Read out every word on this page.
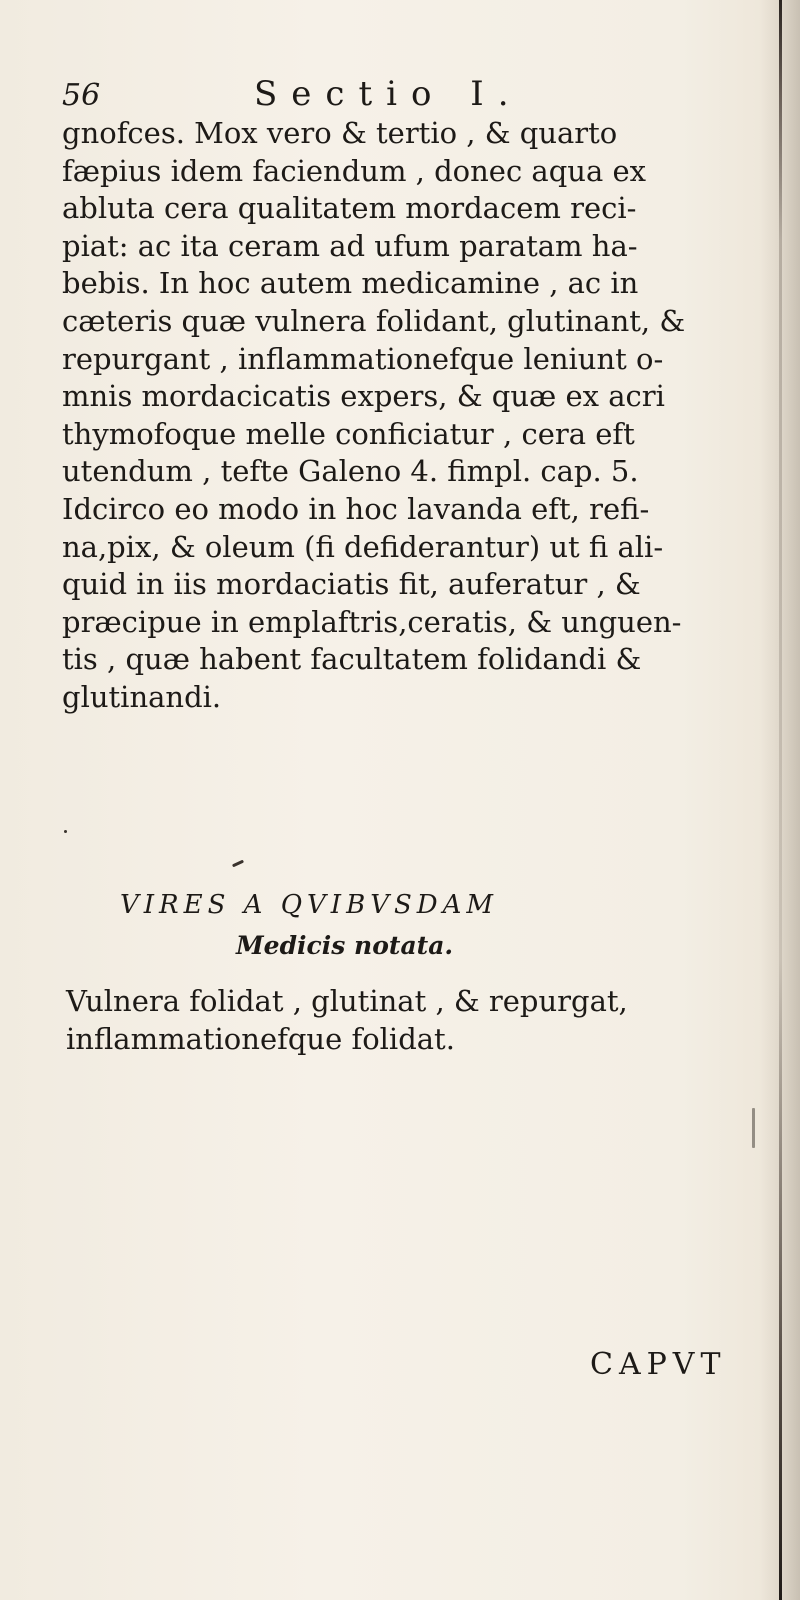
56	Sectio I.
gnofces. Mox vero & tertio , & quarto
fæpius idem faciendum , donec aqua ex
abluta cera qualitatem mordacem reci-
piat: ac ita ceram ad ufum paratam ha-
bebis. In hoc autem medicamine , ac in
cæteris quæ vulnera folidant, glutinant, &
repurgant , inflammationefque leniunt o-
mnis mordacicatis expers, & quæ ex acri
thymofoque melle conficiatur , cera eft
utendum , tefte Galeno 4. fimpl. cap. 5.
Idcirco eo modo in hoc lavanda eft, refi-
na,pix, & oleum (fi defiderantur) ut fi ali-
quid in iis mordaciatis fit, auferatur , &
præcipue in emplaftris,ceratis, & unguen-
tis , quæ habent facultatem folidandi &
glutinandi.
VIRES A QVIBVSDAM
Medicis notata.
Vulnera folidat , glutinat , & repurgat,
inflammationefque folidat.
CAPVT
